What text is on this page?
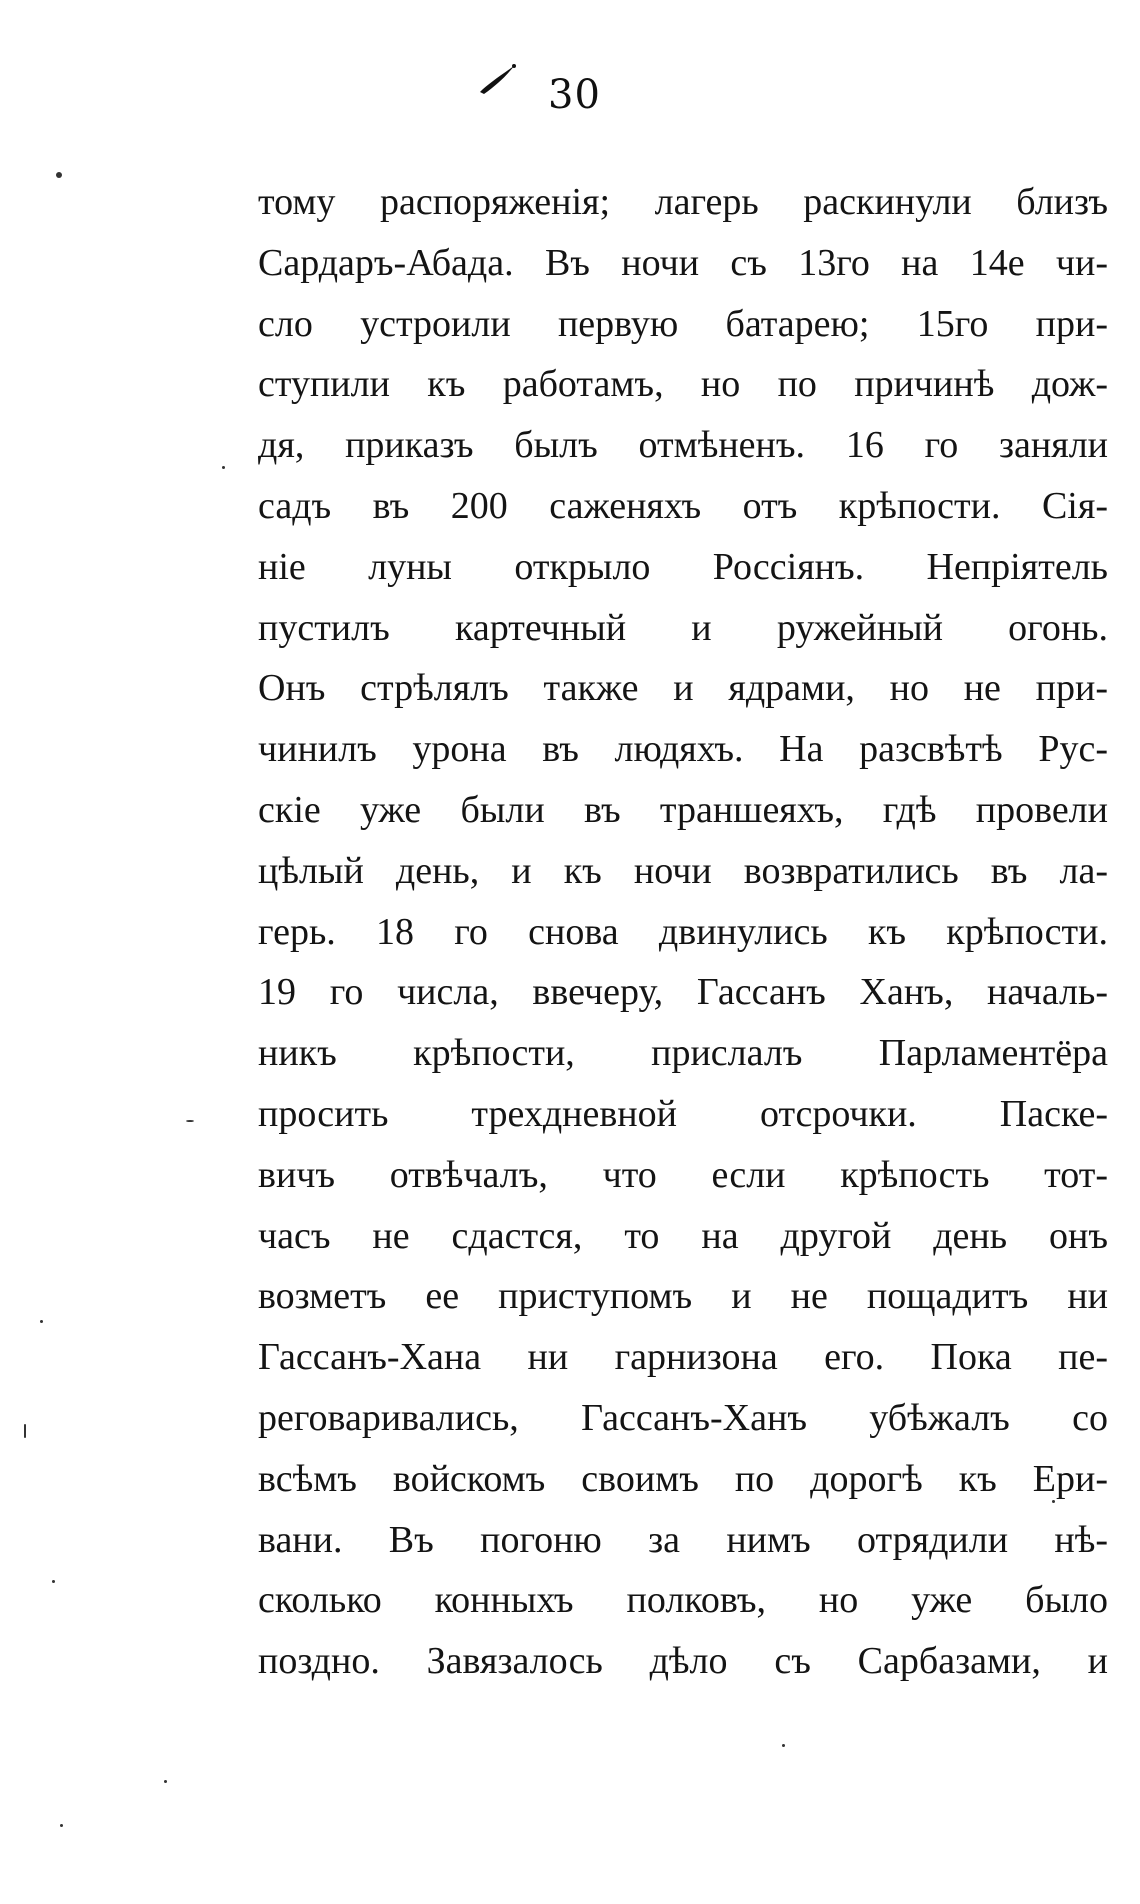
30
тому распоряженія; лагерь раскинули близъ
Сардаръ-Абада. Въ ночи съ 13го на 14е чи-
сло устроили первую батарею; 15го при-
ступили къ работамъ, но по причинѣ дож-
дя, приказъ былъ отмѣненъ. 16 го заняли
садъ въ 200 саженяхъ отъ крѣпости. Сія-
ніе луны открыло Россіянъ. Непріятель
пустилъ картечный и ружейный огонь.
Онъ стрѣлялъ также и ядрами, но не при-
чинилъ урона въ людяхъ. На разсвѣтѣ Рус-
скіе уже были въ траншеяхъ, гдѣ провели
цѣлый день, и къ ночи возвратились въ ла-
герь. 18 го снова двинулись къ крѣпости.
19 го числа, ввечеру, Гассанъ Ханъ, началь-
никъ крѣпости, прислалъ Парламентёра
просить трехдневной отсрочки. Паске-
вичъ отвѣчалъ, что если крѣпость тот-
часъ не сдастся, то на другой день онъ
возметъ ее приступомъ и не пощадитъ ни
Гассанъ-Хана ни гарнизона его. Пока пе-
реговаривались, Гассанъ-Ханъ убѣжалъ со
всѣмъ войскомъ своимъ по дорогѣ къ Ери-
вани. Въ погоню за нимъ отрядили нѣ-
сколько конныхъ полковъ, но уже было
поздно. Завязалось дѣло съ Сарбазами, и
